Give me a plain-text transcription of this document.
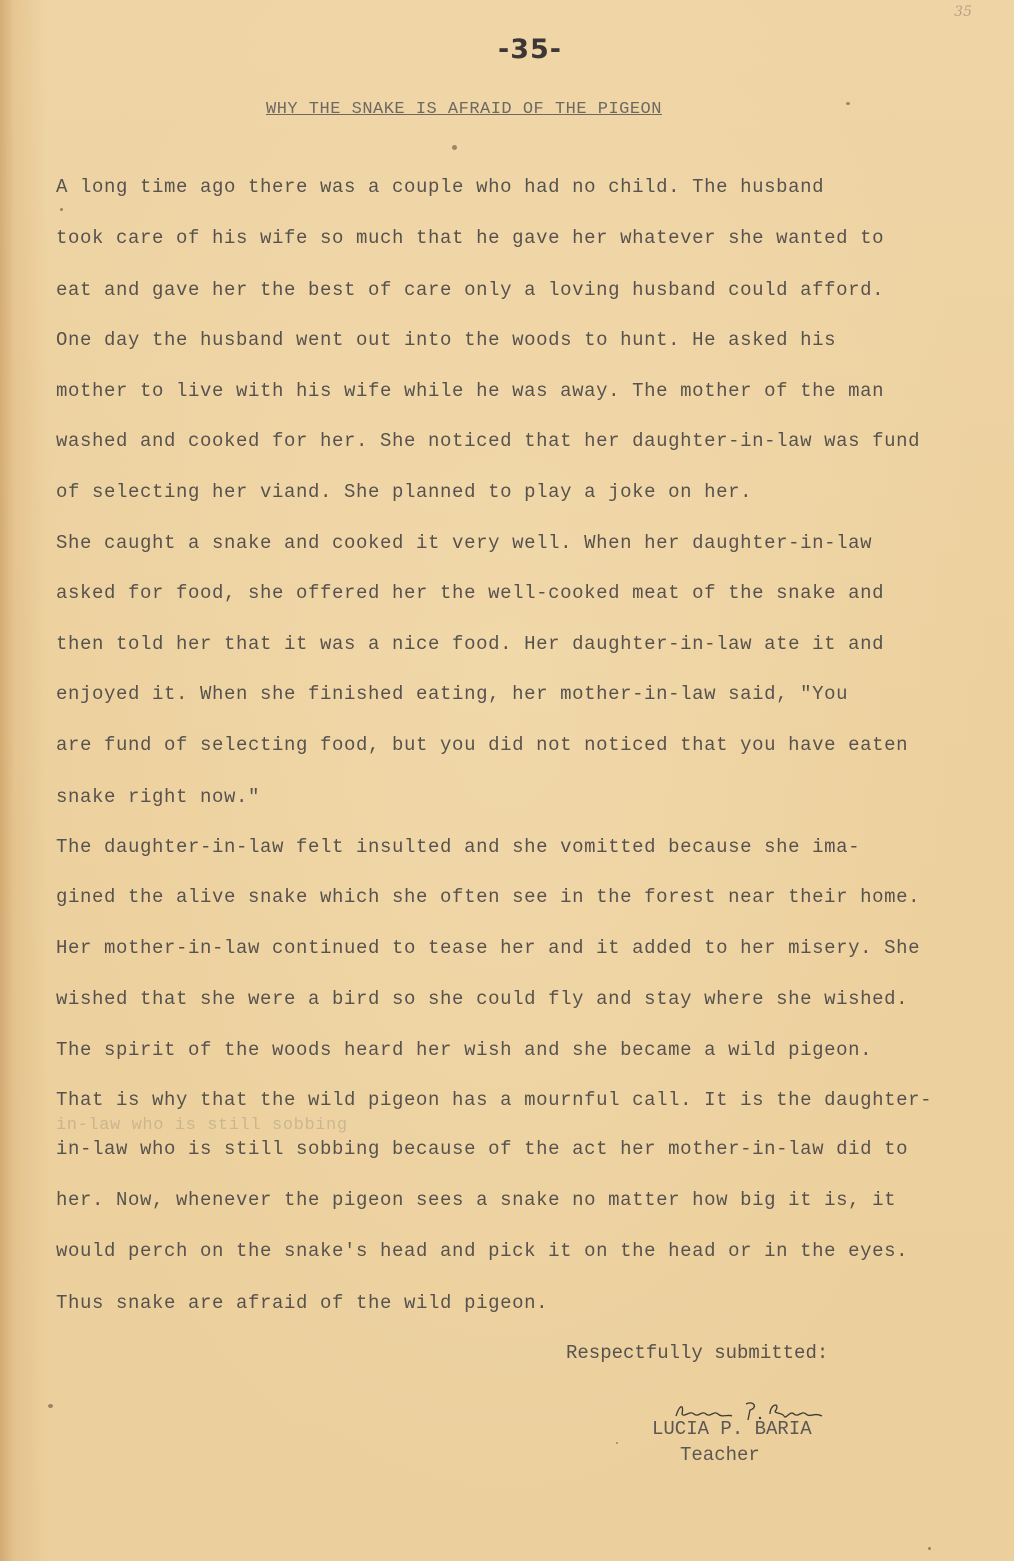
35
-35-
WHY THE SNAKE IS AFRAID OF THE PIGEON
A long time ago there was a couple who had no child. The husband
took care of his wife so much that he gave her whatever she wanted to
eat and gave her the best of care only a loving husband could afford.
One day the husband went out into the woods to hunt. He asked his
mother to live with his wife while he was away. The mother of the man
washed and cooked for her. She noticed that her daughter-in-law was fund
of selecting her viand. She planned to play a joke on her.
She caught a snake and cooked it very well. When her daughter-in-law
asked for food, she offered her the well-cooked meat of the snake and
then told her that it was a nice food. Her daughter-in-law ate it and
enjoyed it. When she finished eating, her mother-in-law said, "You
are fund of selecting food, but you did not noticed that you have eaten
snake right now."
The daughter-in-law felt insulted and she vomitted because she ima-
gined the alive snake which she often see in the forest near their home.
Her mother-in-law continued to tease her and it added to her misery. She
wished that she were a bird so she could fly and stay where she wished.
The spirit of the woods heard her wish and she became a wild pigeon.
That is why that the wild pigeon has a mournful call. It is the daughter-
in-law who is still sobbing
in-law who is still sobbing because of the act her mother-in-law did to
her. Now, whenever the pigeon sees a snake no matter how big it is, it
would perch on the snake's head and pick it on the head or in the eyes.
Thus snake are afraid of the wild pigeon.
Respectfully submitted:
LUCIA P. BARIA
Teacher
